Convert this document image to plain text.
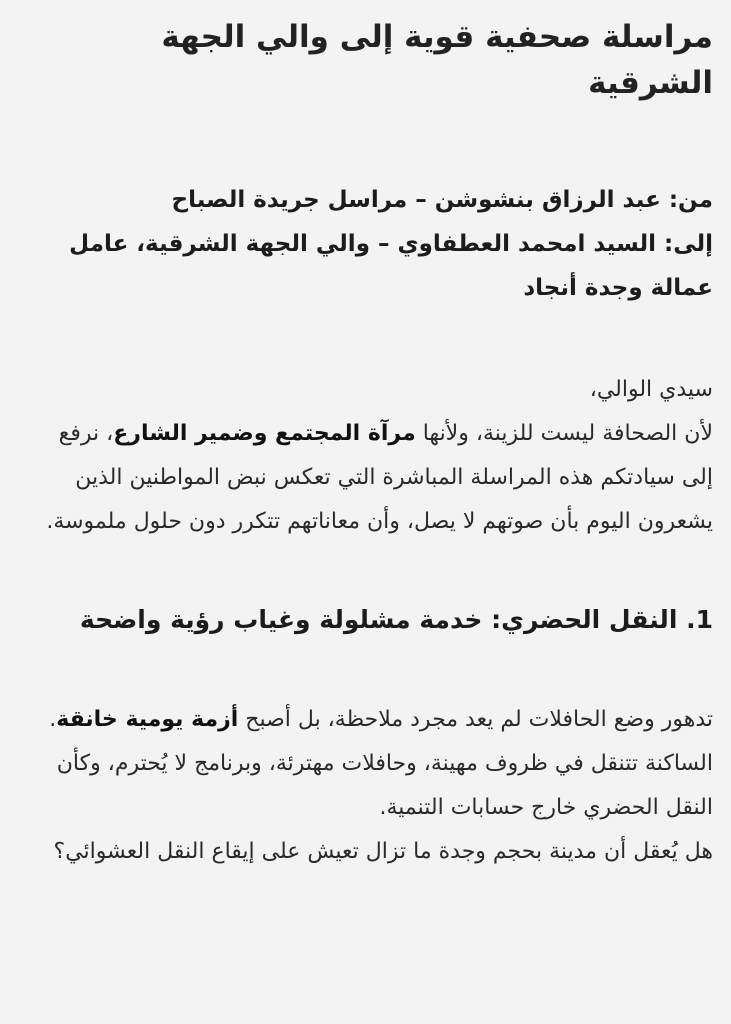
مراسلة صحفية قوية إلى والي الجهة الشرقية

من: عبد الرزاق بنشوشن – مراسل جريدة الصباح

إلى: السيد امحمد العطفاوي – والي الجهة الشرقية، عامل عمالة وجدة أنجاد

سيدي الوالي،

لأن الصحافة ليست للزينة، ولأنها مرآة المجتمع وضمير الشارع، نرفع إلى سيادتكم هذه المراسلة المباشرة التي تعكس نبض المواطنين الذين يشعرون اليوم بأن صوتهم لا يصل، وأن معاناتهم تتكرر دون حلول ملموسة.

1. النقل الحضري: خدمة مشلولة وغياب رؤية واضحة

تدهور وضع الحافلات لم يعد مجرد ملاحظة، بل أصبح أزمة يومية خانقة. الساكنة تتنقل في ظروف مهينة، وحافلات مهترئة، وبرنامج لا يُحترم، وكأن النقل الحضري خارج حسابات التنمية.

هل يُعقل أن مدينة بحجم وجدة ما تزال تعيش على إيقاع النقل العشوائي؟
